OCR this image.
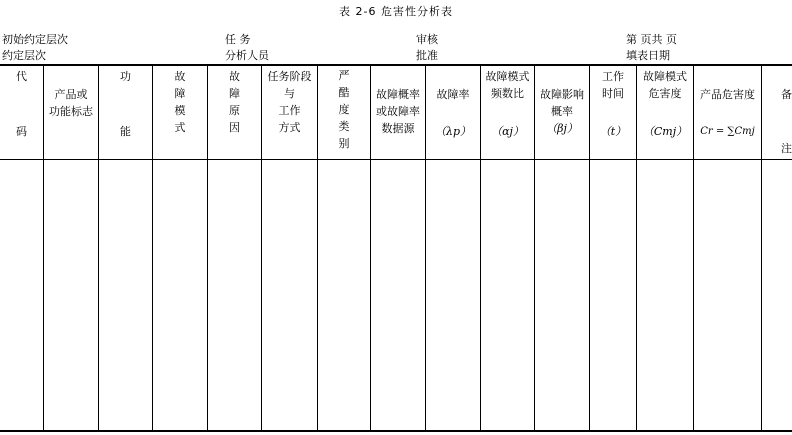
表 2-6 危害性分析表
初始约定层次
约定层次
任 务
分析人员
审核
批准
第 页共 页
填表日期
代
码
产品或
功能标志
功
能
故
障
模
式
故
障
原
因
任务阶段
与
工作
方式
严
酷
度
类
别
故障概率
或故障率
数据源
故障率
（λp）
故障模式
频数比
（αj）
故障影响
概率
（βj）
工作
时间
（t）
故障模式
危害度
（Cmj）
产品危害度
Cr = ∑Cmj
备
注
